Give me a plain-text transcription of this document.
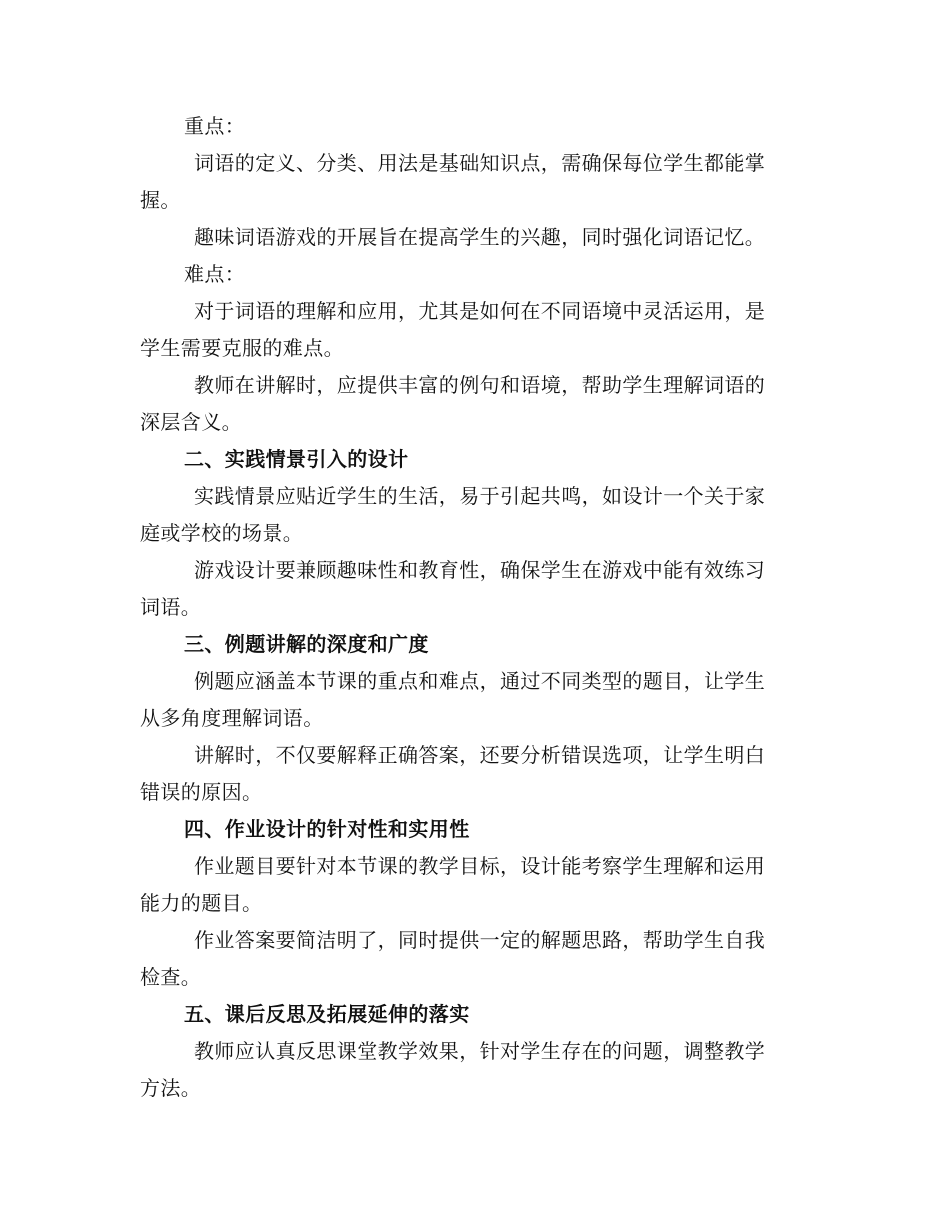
重点：
词语的定义、分类、用法是基础知识点，需确保每位学生都能掌
握。
趣味词语游戏的开展旨在提高学生的兴趣，同时强化词语记忆。
难点：
对于词语的理解和应用，尤其是如何在不同语境中灵活运用，是
学生需要克服的难点。
教师在讲解时，应提供丰富的例句和语境，帮助学生理解词语的
深层含义。
二、实践情景引入的设计
实践情景应贴近学生的生活，易于引起共鸣，如设计一个关于家
庭或学校的场景。
游戏设计要兼顾趣味性和教育性，确保学生在游戏中能有效练习
词语。
三、例题讲解的深度和广度
例题应涵盖本节课的重点和难点，通过不同类型的题目，让学生
从多角度理解词语。
讲解时，不仅要解释正确答案，还要分析错误选项，让学生明白
错误的原因。
四、作业设计的针对性和实用性
作业题目要针对本节课的教学目标，设计能考察学生理解和运用
能力的题目。
作业答案要简洁明了，同时提供一定的解题思路，帮助学生自我
检查。
五、课后反思及拓展延伸的落实
教师应认真反思课堂教学效果，针对学生存在的问题，调整教学
方法。
